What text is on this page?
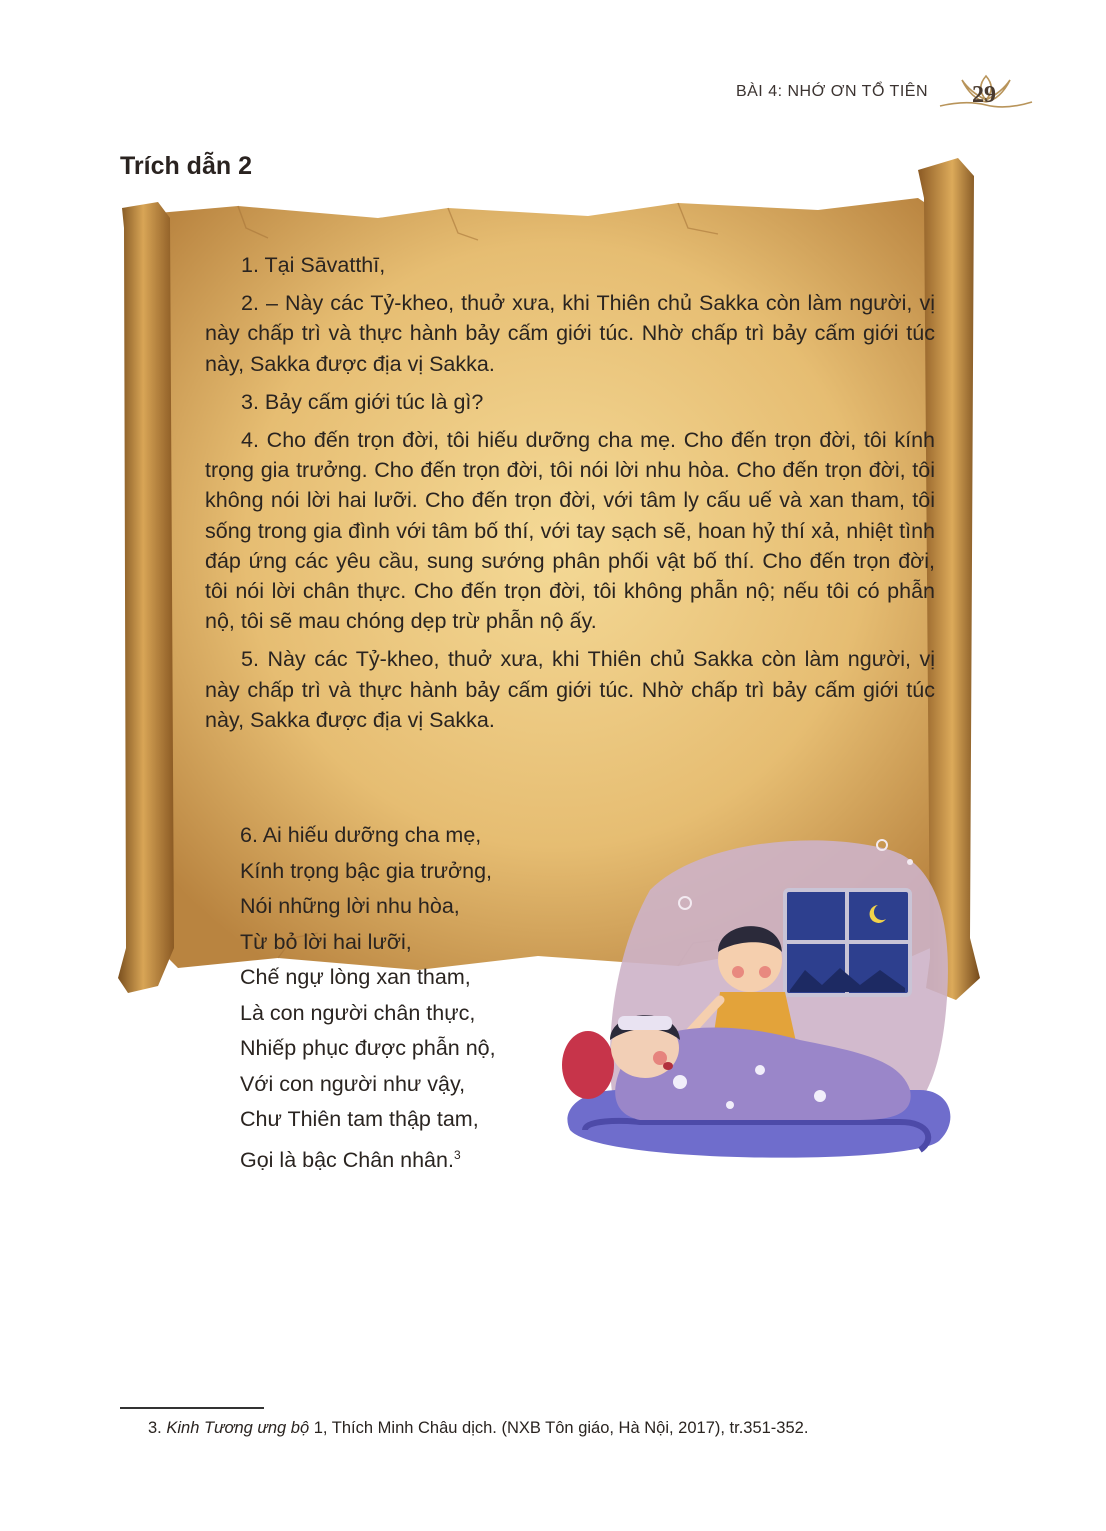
BÀI 4: NHỚ ƠN TỔ TIÊN 29
Trích dẫn 2

1. Tại Sāvatthī,

2. – Này các Tỷ-kheo, thuở xưa, khi Thiên chủ Sakka còn làm người, vị này chấp trì và thực hành bảy cấm giới túc. Nhờ chấp trì bảy cấm giới túc này, Sakka được địa vị Sakka.

3. Bảy cấm giới túc là gì?

4. Cho đến trọn đời, tôi hiếu dưỡng cha mẹ. Cho đến trọn đời, tôi kính trọng gia trưởng. Cho đến trọn đời, tôi nói lời nhu hòa. Cho đến trọn đời, tôi không nói lời hai lưỡi. Cho đến trọn đời, với tâm ly cấu uế và xan tham, tôi sống trong gia đình với tâm bố thí, với tay sạch sẽ, hoan hỷ thí xả, nhiệt tình đáp ứng các yêu cầu, sung sướng phân phối vật bố thí. Cho đến trọn đời, tôi nói lời chân thực. Cho đến trọn đời, tôi không phẫn nộ; nếu tôi có phẫn nộ, tôi sẽ mau chóng dẹp trừ phẫn nộ ấy.

5. Này các Tỷ-kheo, thuở xưa, khi Thiên chủ Sakka còn làm người, vị này chấp trì và thực hành bảy cấm giới túc. Nhờ chấp trì bảy cấm giới túc này, Sakka được địa vị Sakka.

6. Ai hiếu dưỡng cha mẹ,
Kính trọng bậc gia trưởng,
Nói những lời nhu hòa,
Từ bỏ lời hai lưỡi,
Chế ngự lòng xan tham,
Là con người chân thực,
Nhiếp phục được phẫn nộ,
Với con người như vậy,
Chư Thiên tam thập tam,
Gọi là bậc Chân nhân.$^3$
3. Kinh Tương ưng bộ 1, Thích Minh Châu dịch. (NXB Tôn giáo, Hà Nội, 2017), tr.351-352.
